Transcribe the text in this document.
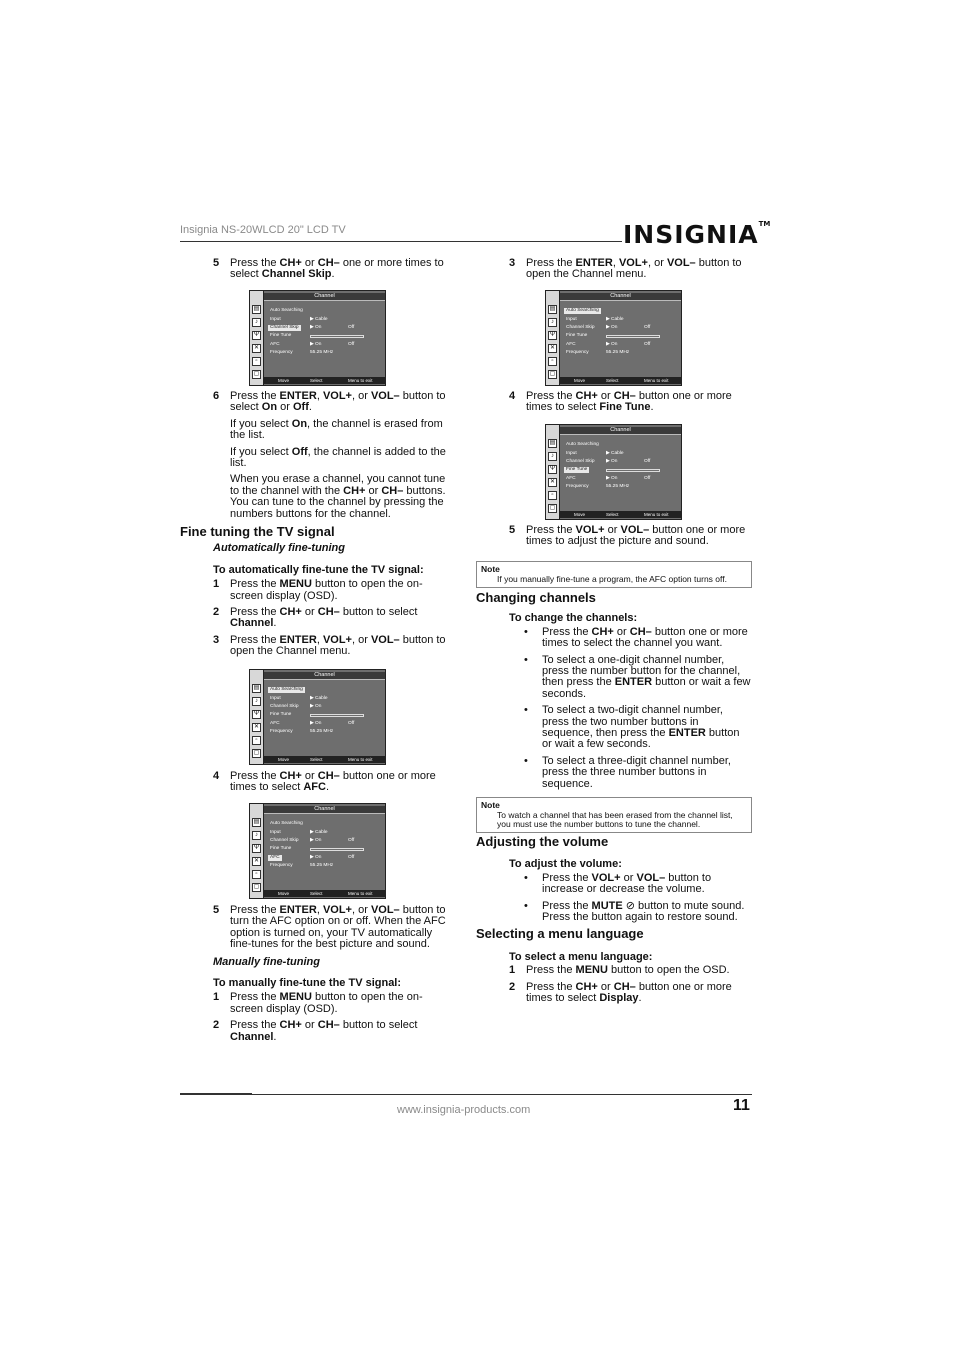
Insignia NS-20WLCD 20" LCD TV	INSIGNIA™
5 Press the CH+ or CH– one or more times to select Channel Skip.
6 Press the ENTER, VOL+, or VOL– button to select On or Off.
If you select On, the channel is erased from the list.
If you select Off, the channel is added to the list.
When you erase a channel, you cannot tune to the channel with the CH+ or CH– buttons. You can tune to the channel by pressing the numbers buttons for the channel.
Fine tuning the TV signal
Automatically fine-tuning
To automatically fine-tune the TV signal:
1 Press the MENU button to open the on-screen display (OSD).
2 Press the CH+ or CH– button to select Channel.
3 Press the ENTER, VOL+, or VOL– button to open the Channel menu.
4 Press the CH+ or CH– button one or more times to select AFC.
5 Press the ENTER, VOL+, or VOL– button to turn the AFC option on or off. When the AFC option is turned on, your TV automatically fine-tunes for the best picture and sound.
Manually fine-tuning
To manually fine-tune the TV signal:
1 Press the MENU button to open the on-screen display (OSD).
2 Press the CH+ or CH– button to select Channel.
3 Press the ENTER, VOL+, or VOL– button to open the Channel menu.
4 Press the CH+ or CH– button one or more times to select Fine Tune.
5 Press the VOL+ or VOL– button one or more times to adjust the picture and sound.
Note
If you manually fine-tune a program, the AFC option turns off.
Changing channels
To change the channels:
• Press the CH+ or CH– button one or more times to select the channel you want.
• To select a one-digit channel number, press the number button for the channel, then press the ENTER button or wait a few seconds.
• To select a two-digit channel number, press the two number buttons in sequence, then press the ENTER button or wait a few seconds.
• To select a three-digit channel number, press the three number buttons in sequence.
Note
To watch a channel that has been erased from the channel list, you must use the number buttons to tune the channel.
Adjusting the volume
To adjust the volume:
• Press the VOL+ or VOL– button to increase or decrease the volume.
• Press the MUTE ⊘ button to mute sound. Press the button again to restore sound.
Selecting a menu language
To select a menu language:
1 Press the MENU button to open the OSD.
2 Press the CH+ or CH– button one or more times to select Display.
▤
♪
Ψ
✕
▫
▢
Channel
Auto Searching
Input	▶ Cable
Channel Skip	▶ On	Off
Fine Tune
AFC	▶ On	Off
Frequency	55.25 MHz
Move	Select	Menu to exit
▤
♪
Ψ
✕
▫
▢
Channel
Auto Searching
Input	▶ Cable
Channel Skip ▶ On	Off
Fine Tune
AFC	▶ On	Off
Frequency	55.25 MHz
Move	Select	Menu to exit
▤
♪
Ψ
✕
▫
▢
Channel
Auto Searching
Input	▶ Cable
Channel Skip ▶ On	Off
Fine Tune
AFC	▶ On	Off
Frequency	55.25 MHz
Move	Select	Menu to exit
▤
♪
Ψ
✕
▫
▢
Channel
Auto Searching
Input	▶ Cable
Channel Skip ▶ On
Fine Tune
AFC	▶ On	Off
Frequency	55.25 MHz
Move	Select	Menu to exit
▤
♪
Ψ
✕
▫
▢
Channel
Auto Searching
Input	▶ Cable
Channel Skip ▶ On	Off
Fine Tune
AFC	▶ On	Off
Frequency	55.25 MHz
Move	Select	Menu to exit
www.insignia-products.com	11
